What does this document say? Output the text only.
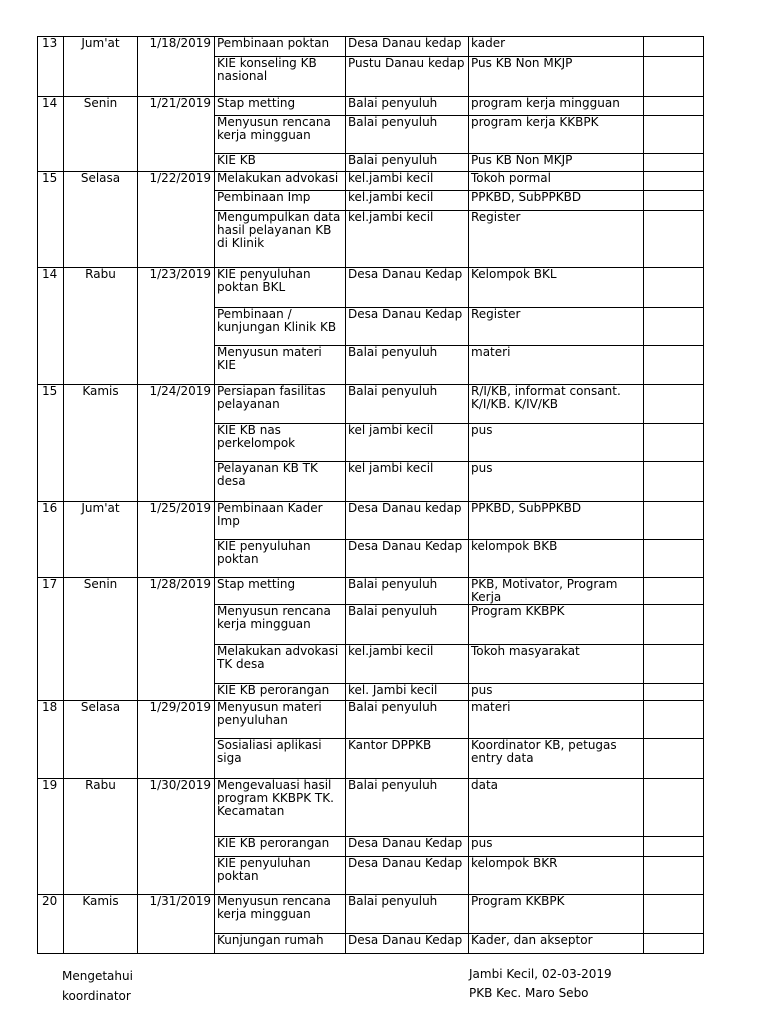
13	Jum'at	1/18/2019	Pembinaan poktan	Desa Danau kedap	kader	
			KIE konseling KB nasional	Pustu Danau kedap	Pus KB Non MKJP	
14	Senin	1/21/2019	Stap metting	Balai penyuluh	program kerja mingguan	
			Menyusun rencana kerja mingguan	Balai penyuluh	program kerja KKBPK	
			KIE KB	Balai penyuluh	Pus KB Non MKJP	
15	Selasa	1/22/2019	Melakukan advokasi	kel.jambi kecil	Tokoh pormal	
			Pembinaan Imp	kel.jambi kecil	PPKBD, SubPPKBD	
			Mengumpulkan data hasil pelayanan KB di Klinik	kel.jambi kecil	Register	
14	Rabu	1/23/2019	KIE penyuluhan poktan BKL	Desa Danau Kedap	Kelompok BKL	
			Pembinaan / kunjungan Klinik KB	Desa Danau Kedap	Register	
			Menyusun materi KIE	Balai penyuluh	materi	
15	Kamis	1/24/2019	Persiapan fasilitas pelayanan	Balai penyuluh	R/I/KB, informat consant. K/I/KB. K/IV/KB	
			KIE KB nas perkelompok	kel jambi kecil	pus	
			Pelayanan KB TK desa	kel jambi kecil	pus	
16	Jum'at	1/25/2019	Pembinaan Kader Imp	Desa Danau kedap	PPKBD, SubPPKBD	
			KIE penyuluhan poktan	Desa Danau Kedap	kelompok BKB	
17	Senin	1/28/2019	Stap metting	Balai penyuluh	PKB, Motivator, Program Kerja	
			Menyusun rencana kerja mingguan	Balai penyuluh	Program KKBPK	
			Melakukan advokasi TK desa	kel.jambi kecil	Tokoh masyarakat	
			KIE KB perorangan	kel. Jambi kecil	pus	
18	Selasa	1/29/2019	Menyusun materi penyuluhan	Balai penyuluh	materi	
			Sosialiasi aplikasi siga	Kantor DPPKB	Koordinator KB, petugas entry data	
19	Rabu	1/30/2019	Mengevaluasi hasil program KKBPK TK. Kecamatan	Balai penyuluh	data	
			KIE KB perorangan	Desa Danau Kedap	pus	
			KIE penyuluhan poktan	Desa Danau Kedap	kelompok BKR	
20	Kamis	1/31/2019	Menyusun rencana kerja mingguan	Balai penyuluh	Program KKBPK	
			Kunjungan rumah	Desa Danau Kedap	Kader, dan akseptor	
Mengetahui
koordinator
Jambi Kecil, 02-03-2019
PKB Kec. Maro Sebo
